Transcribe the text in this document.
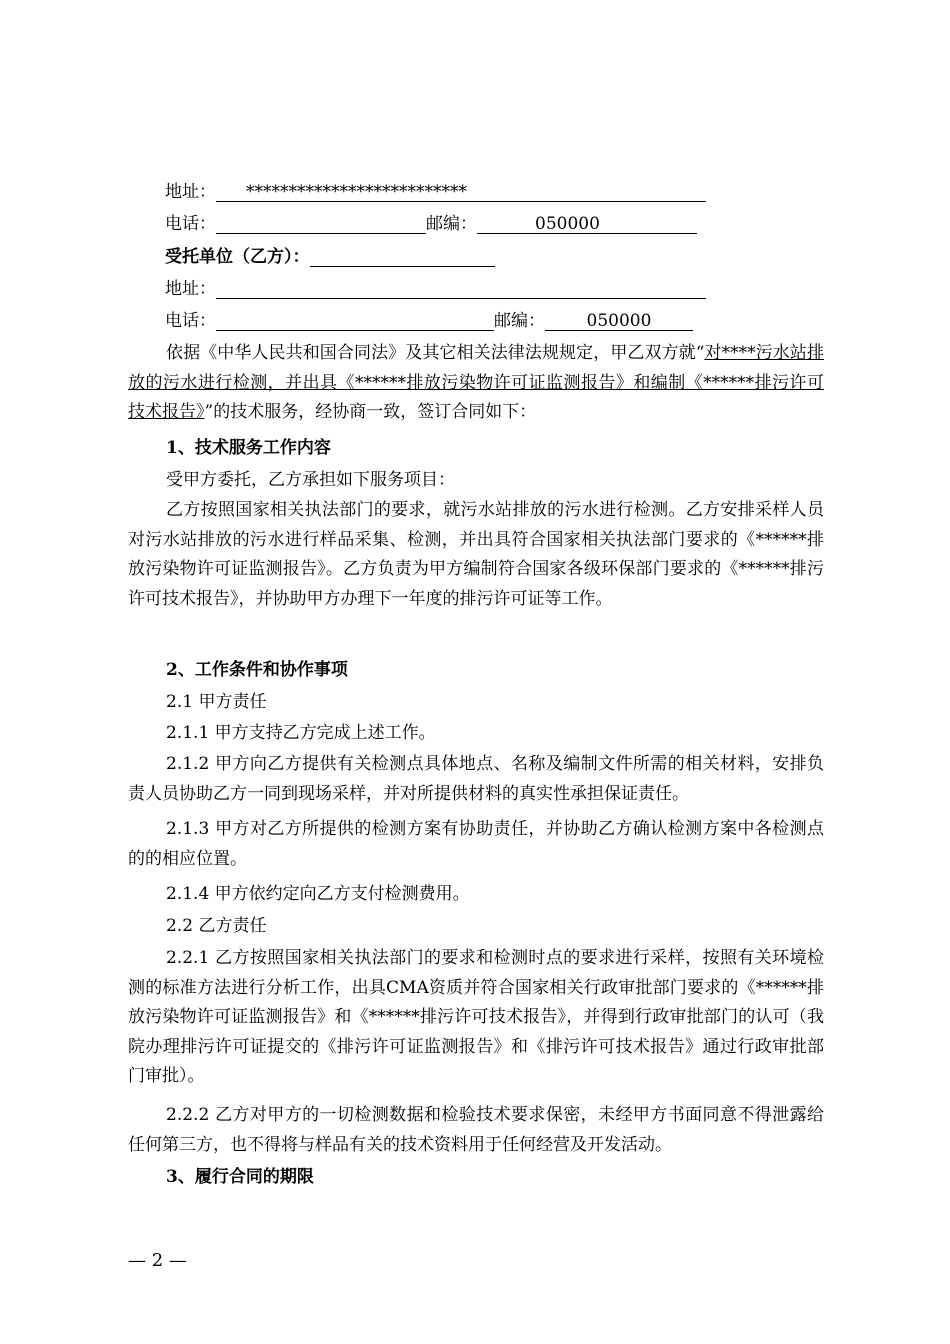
地址： **************************
电话：	邮编：	050000
受托单位（乙方）：
地址：
电话：	邮编： 050000
依据《中华人民共和国合同法》及其它相关法律法规规定，甲乙双方就“对****污水站排放的污水进行检测，并出具《******排放污染物许可证监测报告》和编制《******排污许可技术报告》”的技术服务，经协商一致，签订合同如下：
1、技术服务工作内容
受甲方委托，乙方承担如下服务项目：
乙方按照国家相关执法部门的要求，就污水站排放的污水进行检测。乙方安排采样人员对污水站排放的污水进行样品采集、检测，并出具符合国家相关执法部门要求的《******排放污染物许可证监测报告》。乙方负责为甲方编制符合国家各级环保部门要求的《******排污许可技术报告》，并协助甲方办理下一年度的排污许可证等工作。
2、工作条件和协作事项
2.1 甲方责任
2.1.1 甲方支持乙方完成上述工作。
2.1.2 甲方向乙方提供有关检测点具体地点、名称及编制文件所需的相关材料，安排负责人员协助乙方一同到现场采样，并对所提供材料的真实性承担保证责任。
2.1.3 甲方对乙方所提供的检测方案有协助责任，并协助乙方确认检测方案中各检测点的的相应位置。
2.1.4 甲方依约定向乙方支付检测费用。
2.2 乙方责任
2.2.1 乙方按照国家相关执法部门的要求和检测时点的要求进行采样，按照有关环境检测的标准方法进行分析工作，出具CMA资质并符合国家相关行政审批部门要求的《******排放污染物许可证监测报告》和《******排污许可技术报告》，并得到行政审批部门的认可（我院办理排污许可证提交的《排污许可证监测报告》和《排污许可技术报告》通过行政审批部门审批）。
2.2.2 乙方对甲方的一切检测数据和检验技术要求保密，未经甲方书面同意不得泄露给任何第三方，也不得将与样品有关的技术资料用于任何经营及开发活动。
3、履行合同的期限
— 2 —
